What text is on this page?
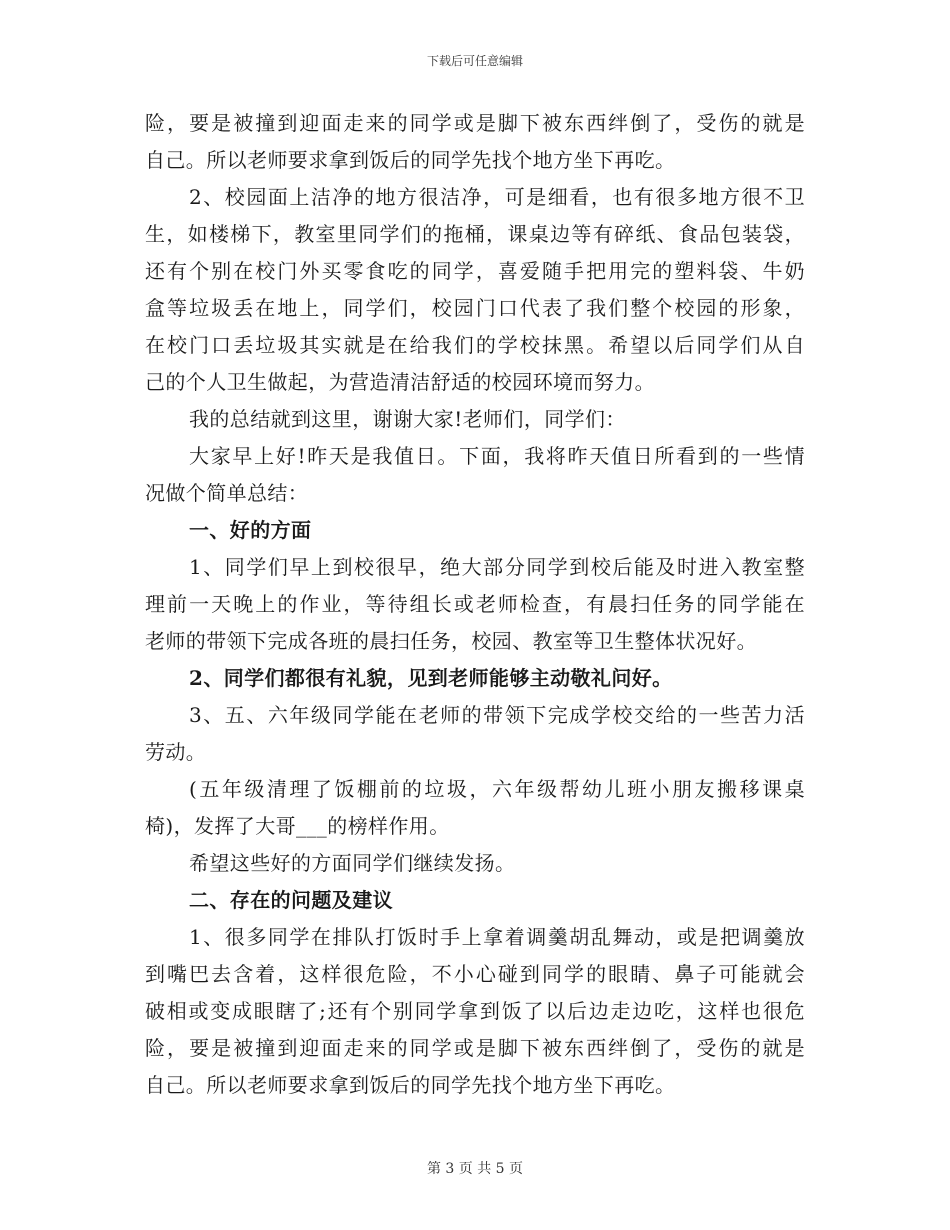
下载后可任意编辑
险，要是被撞到迎面走来的同学或是脚下被东西绊倒了，受伤的就是
自己。所以老师要求拿到饭后的同学先找个地方坐下再吃。
2、校园面上洁净的地方很洁净，可是细看，也有很多地方很不卫
生，如楼梯下，教室里同学们的拖桶，课桌边等有碎纸、食品包装袋，
还有个别在校门外买零食吃的同学，喜爱随手把用完的塑料袋、牛奶
盒等垃圾丢在地上，同学们，校园门口代表了我们整个校园的形象，
在校门口丢垃圾其实就是在给我们的学校抹黑。希望以后同学们从自
己的个人卫生做起，为营造清洁舒适的校园环境而努力。
我的总结就到这里，谢谢大家!老师们，同学们：
大家早上好!昨天是我值日。下面，我将昨天值日所看到的一些情
况做个简单总结：
一、好的方面
1、同学们早上到校很早，绝大部分同学到校后能及时进入教室整
理前一天晚上的作业，等待组长或老师检查，有晨扫任务的同学能在
老师的带领下完成各班的晨扫任务，校园、教室等卫生整体状况好。
2、同学们都很有礼貌，见到老师能够主动敬礼问好。
3、五、六年级同学能在老师的带领下完成学校交给的一些苦力活
劳动。
(五年级清理了饭棚前的垃圾，六年级帮幼儿班小朋友搬移课桌
椅)，发挥了大哥___的榜样作用。
希望这些好的方面同学们继续发扬。
二、存在的问题及建议
1、很多同学在排队打饭时手上拿着调羹胡乱舞动，或是把调羹放
到嘴巴去含着，这样很危险，不小心碰到同学的眼睛、鼻子可能就会
破相或变成眼瞎了;还有个别同学拿到饭了以后边走边吃，这样也很危
险，要是被撞到迎面走来的同学或是脚下被东西绊倒了，受伤的就是
自己。所以老师要求拿到饭后的同学先找个地方坐下再吃。
第 3 页 共 5 页
